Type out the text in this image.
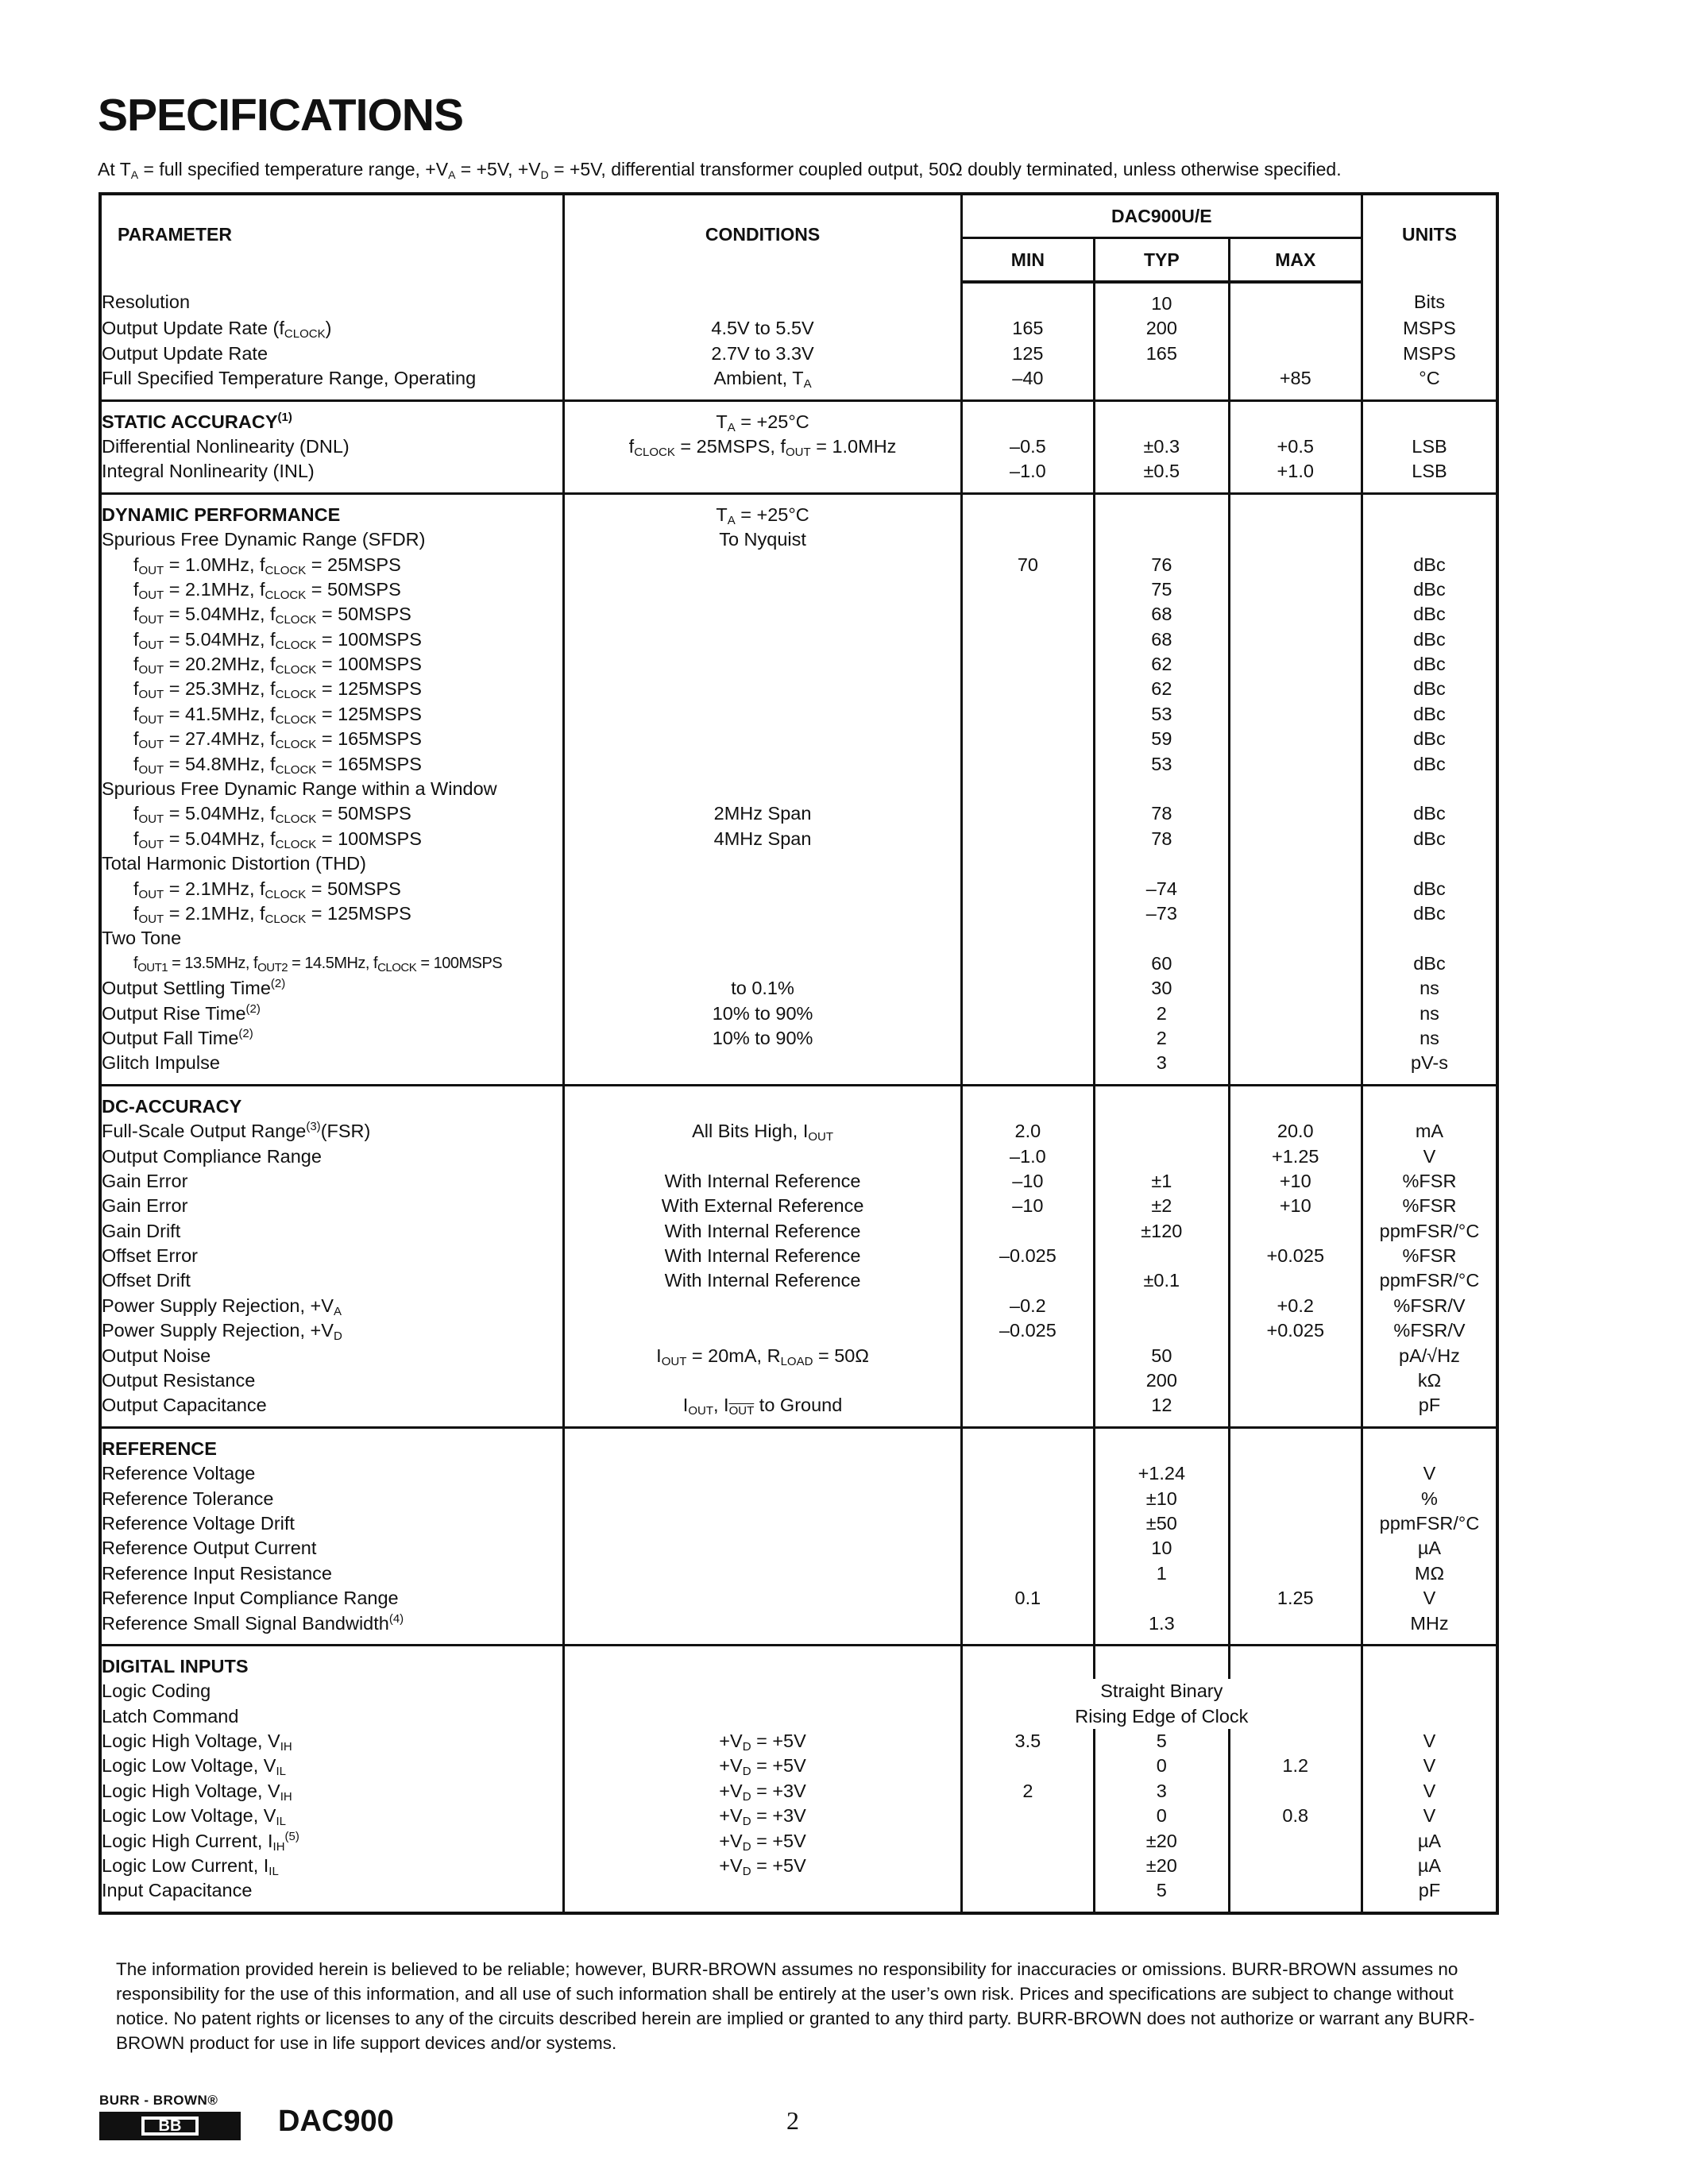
SPECIFICATIONS
At $T_A$ = full specified temperature range, $+V_A = +5V$, $+V_D = +5V$, differential transformer coupled output, 50Ω doubly terminated, unless otherwise specified.
PARAMETER	CONDITIONS	DAC900U/E			UNITS
		MIN	TYP	MAX	
Resolution			10		Bits
Output Update Rate $(f_{CLOCK})$	4.5V to 5.5V	165	200		MSPS
Output Update Rate	2.7V to 3.3V	125	165		MSPS
Full Specified Temperature Range, Operating	Ambient, $T_A$	–40		+85	°C
STATIC ACCURACY$^{(1)}$	$T_A = +25^\circ C$				
Differential Nonlinearity (DNL)	$f_{CLOCK}$ = 25MSPS, $f_{OUT} = 1.0MHz$	–0.5	±0.3	+0.5	LSB
Integral Nonlinearity (INL)		–1.0	±0.5	+1.0	LSB
DYNAMIC PERFORMANCE	$T_A = +25^\circ C$				
Spurious Free Dynamic Range (SFDR)	To Nyquist				
$f_{OUT} = 1.0MHz$, $f_{CLOCK}$ = 25MSPS		70	76		dBc
$f_{OUT} = 2.1MHz$, $f_{CLOCK}$ = 50MSPS			75		dBc
$f_{OUT} = 5.04MHz$, $f_{CLOCK}$ = 50MSPS			68		dBc
$f_{OUT} = 5.04MHz$, $f_{CLOCK}$ = 100MSPS			68		dBc
$f_{OUT} = 20.2MHz$, $f_{CLOCK}$ = 100MSPS			62		dBc
$f_{OUT} = 25.3MHz$, $f_{CLOCK}$ = 125MSPS			62		dBc
$f_{OUT} = 41.5MHz$, $f_{CLOCK}$ = 125MSPS			53		dBc
$f_{OUT} = 27.4MHz$, $f_{CLOCK}$ = 165MSPS			59		dBc
$f_{OUT} = 54.8MHz$, $f_{CLOCK}$ = 165MSPS			53		dBc
Spurious Free Dynamic Range within a Window					
$f_{OUT} = 5.04MHz$, $f_{CLOCK}$ = 50MSPS	2MHz Span		78		dBc
$f_{OUT} = 5.04MHz$, $f_{CLOCK}$ = 100MSPS	4MHz Span		78		dBc
Total Harmonic Distortion (THD)					
$f_{OUT} = 2.1MHz$, $f_{CLOCK}$ = 50MSPS			–74		dBc
$f_{OUT} = 2.1MHz$, $f_{CLOCK}$ = 125MSPS			–73		dBc
Two Tone					
$f_{OUT1} = 13.5MHz$, $f_{OUT2} = 14.5MHz$, $f_{CLOCK}$ = 100MSPS			60		dBc
Output Settling Time$^{(2)}$	to 0.1%		30		ns
Output Rise Time$^{(2)}$	10% to 90%		2		ns
Output Fall Time$^{(2)}$	10% to 90%		2		ns
Glitch Impulse			3		pV-s
DC-ACCURACY					
Full-Scale Output Range$^{(3)}$(FSR)	All Bits High, $I_{OUT}$	2.0		20.0	mA
Output Compliance Range		–1.0		+1.25	V
Gain Error	With Internal Reference	–10	±1	+10	%FSR
Gain Error	With External Reference	–10	±2	+10	%FSR
Gain Drift	With Internal Reference		±120		ppmFSR/°C
Offset Error	With Internal Reference	–0.025		+0.025	%FSR
Offset Drift	With Internal Reference		±0.1		ppmFSR/°C
Power Supply Rejection, $+V_A$		–0.2		+0.2	%FSR/V
Power Supply Rejection, $+V_D$		–0.025		+0.025	%FSR/V
Output Noise	$I_{OUT} = 20mA$, $R_{LOAD} = 50\Omega$		50		pA/√Hz
Output Resistance			200		kΩ
Output Capacitance	$I_{OUT}$, $I_{\overline{OUT}}$ to Ground		12		pF
REFERENCE					
Reference Voltage			+1.24		V
Reference Tolerance			±10		%
Reference Voltage Drift			±50		ppmFSR/°C
Reference Output Current			10		µA
Reference Input Resistance			1		MΩ
Reference Input Compliance Range		0.1		1.25	V
Reference Small Signal Bandwidth$^{(4)}$			1.3		MHz
DIGITAL INPUTS					
Logic Coding		Straight Binary			
Latch Command		Rising Edge of Clock			
Logic High Voltage, $V_{IH}$	$+V_D = +5V$	3.5	5		V
Logic Low Voltage, $V_{IL}$	$+V_D = +5V$		0	1.2	V
Logic High Voltage, $V_{IH}$	$+V_D = +3V$	2	3		V
Logic Low Voltage, $V_{IL}$	$+V_D = +3V$		0	0.8	V
Logic High Current, $I_{IH}^{(5)}$	$+V_D = +5V$		±20		µA
Logic Low Current, $I_{IL}$	$+V_D = +5V$		±20		µA
Input Capacitance			5		pF
The information provided herein is believed to be reliable; however, BURR-BROWN assumes no responsibility for inaccuracies or omissions. BURR-BROWN assumes no responsibility for the use of this information, and all use of such information shall be entirely at the user’s own risk. Prices and specifications are subject to change without notice. No patent rights or licenses to any of the circuits described herein are implied or granted to any third party. BURR-BROWN does not authorize or warrant any BURR-BROWN product for use in life support devices and/or systems.
BURR - BROWN®
BB	DAC900	2
